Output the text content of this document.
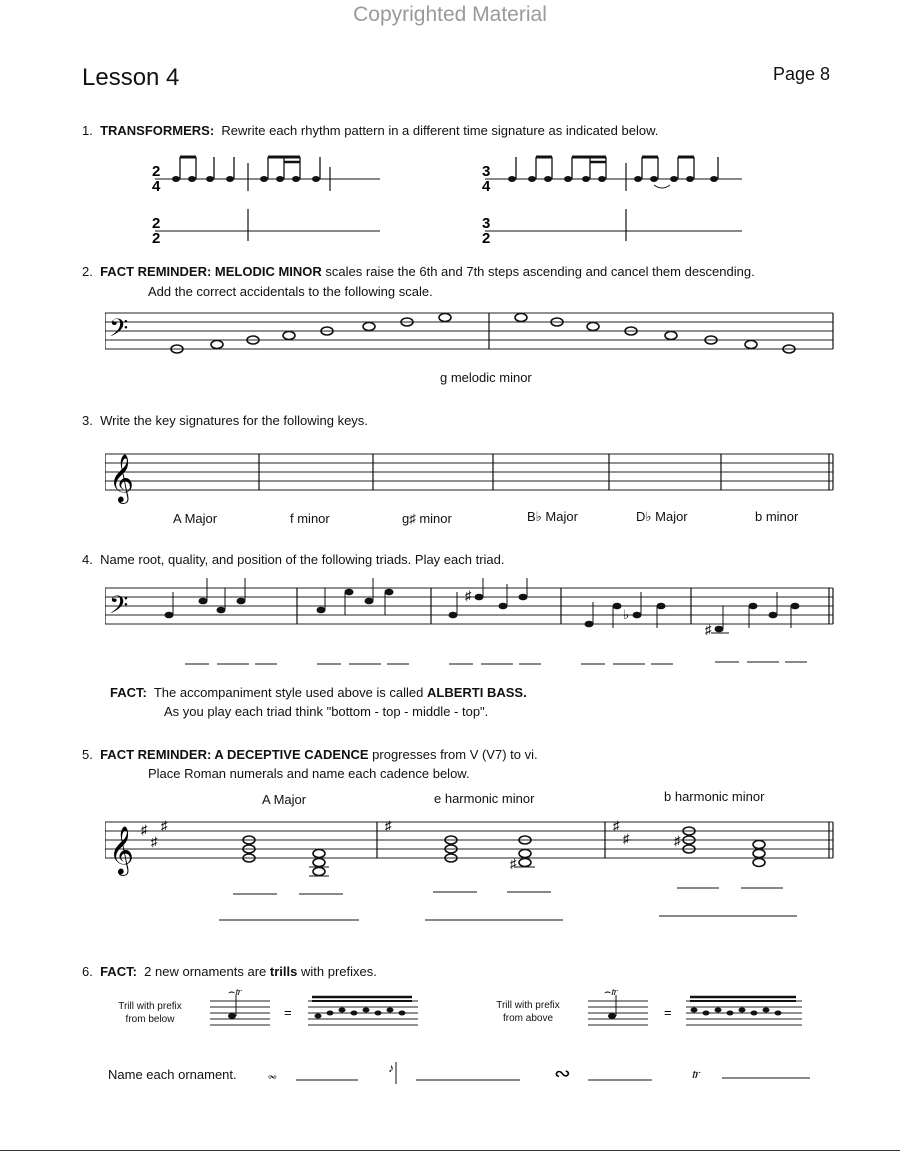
Copyrighted Material
Lesson 4	Page 8
1. TRANSFORMERS: Rewrite each rhythm pattern in a different time signature as indicated below.
2
4
2
2
3
4
3
2
2. FACT REMINDER: MELODIC MINOR scales raise the 6th and 7th steps ascending and cancel them descending.
Add the correct accidentals to the following scale.
𝄢
g melodic minor
3. Write the key signatures for the following keys.
𝄞
A Major	f minor	g♯ minor	B♭ Major	D♭ Major	b minor
4. Name root, quality, and position of the following triads. Play each triad.
𝄢	♯
♭
♯
FACT: The accompaniment style used above is called ALBERTI BASS.
As you play each triad think "bottom - top - middle - top".
5. FACT REMINDER: A DECEPTIVE CADENCE progresses from V (V7) to vi.
Place Roman numerals and name each cadence below.
A Major	e harmonic minor	b harmonic minor
𝄞 ♯
♯
♯	♯	♯
♯
♯
♯
6. FACT: 2 new ornaments are trills with prefixes.
Trill with prefix
from below
Trill with prefix
from above
⌢𝆖
=
⌢𝆖
=
Name each ornament. 𝆗	♪	∾	𝆖
